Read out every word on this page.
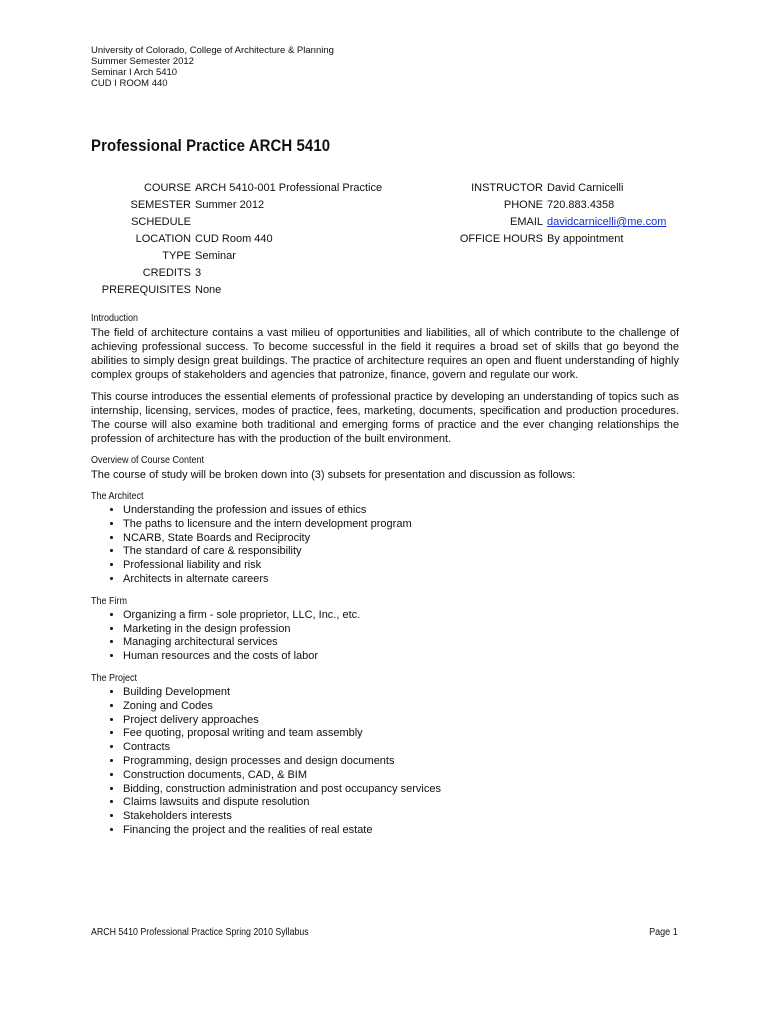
University of Colorado, College of Architecture & Planning
Summer Semester 2012
Seminar I Arch 5410
CUD I ROOM 440
Professional Practice ARCH 5410
COURSE ARCH 5410-001 Professional Practice
SEMESTER Summer 2012
SCHEDULE
LOCATION CUD Room 440
TYPE Seminar
CREDITS 3
PREREQUISITES None
INSTRUCTOR David Carnicelli
PHONE 720.883.4358
EMAIL davidcarnicelli@me.com
OFFICE HOURS By appointment
Introduction

The field of architecture contains a vast milieu of opportunities and liabilities, all of which contribute to the challenge of achieving professional success. To become successful in the field it requires a broad set of skills that go beyond the abilities to simply design great buildings. The practice of architecture requires an open and fluent understanding of highly complex groups of stakeholders and agencies that patronize, finance, govern and regulate our work.

This course introduces the essential elements of professional practice by developing an understanding of topics such as internship, licensing, services, modes of practice, fees, marketing, documents, specification and production procedures. The course will also examine both traditional and emerging forms of practice and the ever changing relationships the profession of architecture has with the production of the built environment.

Overview of Course Content

The course of study will be broken down into (3) subsets for presentation and discussion as follows:

The Architect
• Understanding the profession and issues of ethics
• The paths to licensure and the intern development program
• NCARB, State Boards and Reciprocity
• The standard of care & responsibility
• Professional liability and risk
• Architects in alternate careers
The Firm
• Organizing a firm - sole proprietor, LLC, Inc., etc.
• Marketing in the design profession
• Managing architectural services
• Human resources and the costs of labor
The Project
• Building Development
• Zoning and Codes
• Project delivery approaches
• Fee quoting, proposal writing and team assembly
• Contracts
• Programming, design processes and design documents
• Construction documents, CAD, & BIM
• Bidding, construction administration and post occupancy services
• Claims lawsuits and dispute resolution
• Stakeholders interests
• Financing the project and the realities of real estate
ARCH 5410 Professional Practice Spring 2010 Syllabus	Page 1
